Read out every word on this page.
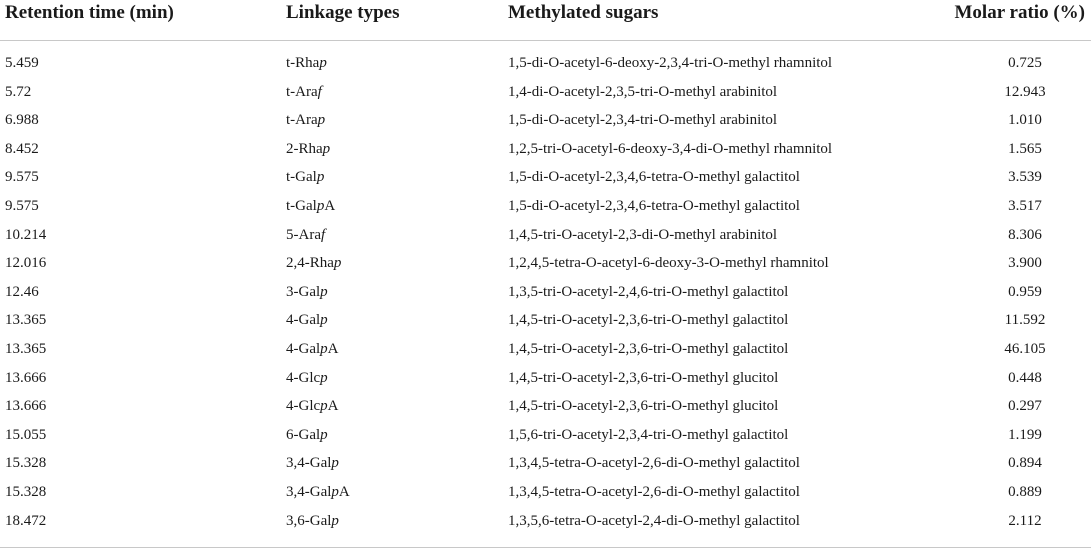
Retention time (min)	Linkage types	Methylated sugars	Molar ratio (%)
5.459	t-Rhap	1,5-di-O-acetyl-6-deoxy-2,3,4-tri-O-methyl rhamnitol	0.725
5.72	t-Araf	1,4-di-O-acetyl-2,3,5-tri-O-methyl arabinitol	12.943
6.988	t-Arap	1,5-di-O-acetyl-2,3,4-tri-O-methyl arabinitol	1.010
8.452	2-Rhap	1,2,5-tri-O-acetyl-6-deoxy-3,4-di-O-methyl rhamnitol	1.565
9.575	t-Galp	1,5-di-O-acetyl-2,3,4,6-tetra-O-methyl galactitol	3.539
9.575	t-GalpA	1,5-di-O-acetyl-2,3,4,6-tetra-O-methyl galactitol	3.517
10.214	5-Araf	1,4,5-tri-O-acetyl-2,3-di-O-methyl arabinitol	8.306
12.016	2,4-Rhap	1,2,4,5-tetra-O-acetyl-6-deoxy-3-O-methyl rhamnitol	3.900
12.46	3-Galp	1,3,5-tri-O-acetyl-2,4,6-tri-O-methyl galactitol	0.959
13.365	4-Galp	1,4,5-tri-O-acetyl-2,3,6-tri-O-methyl galactitol	11.592
13.365	4-GalpA	1,4,5-tri-O-acetyl-2,3,6-tri-O-methyl galactitol	46.105
13.666	4-Glcp	1,4,5-tri-O-acetyl-2,3,6-tri-O-methyl glucitol	0.448
13.666	4-GlcpA	1,4,5-tri-O-acetyl-2,3,6-tri-O-methyl glucitol	0.297
15.055	6-Galp	1,5,6-tri-O-acetyl-2,3,4-tri-O-methyl galactitol	1.199
15.328	3,4-Galp	1,3,4,5-tetra-O-acetyl-2,6-di-O-methyl galactitol	0.894
15.328	3,4-GalpA	1,3,4,5-tetra-O-acetyl-2,6-di-O-methyl galactitol	0.889
18.472	3,6-Galp	1,3,5,6-tetra-O-acetyl-2,4-di-O-methyl galactitol	2.112
